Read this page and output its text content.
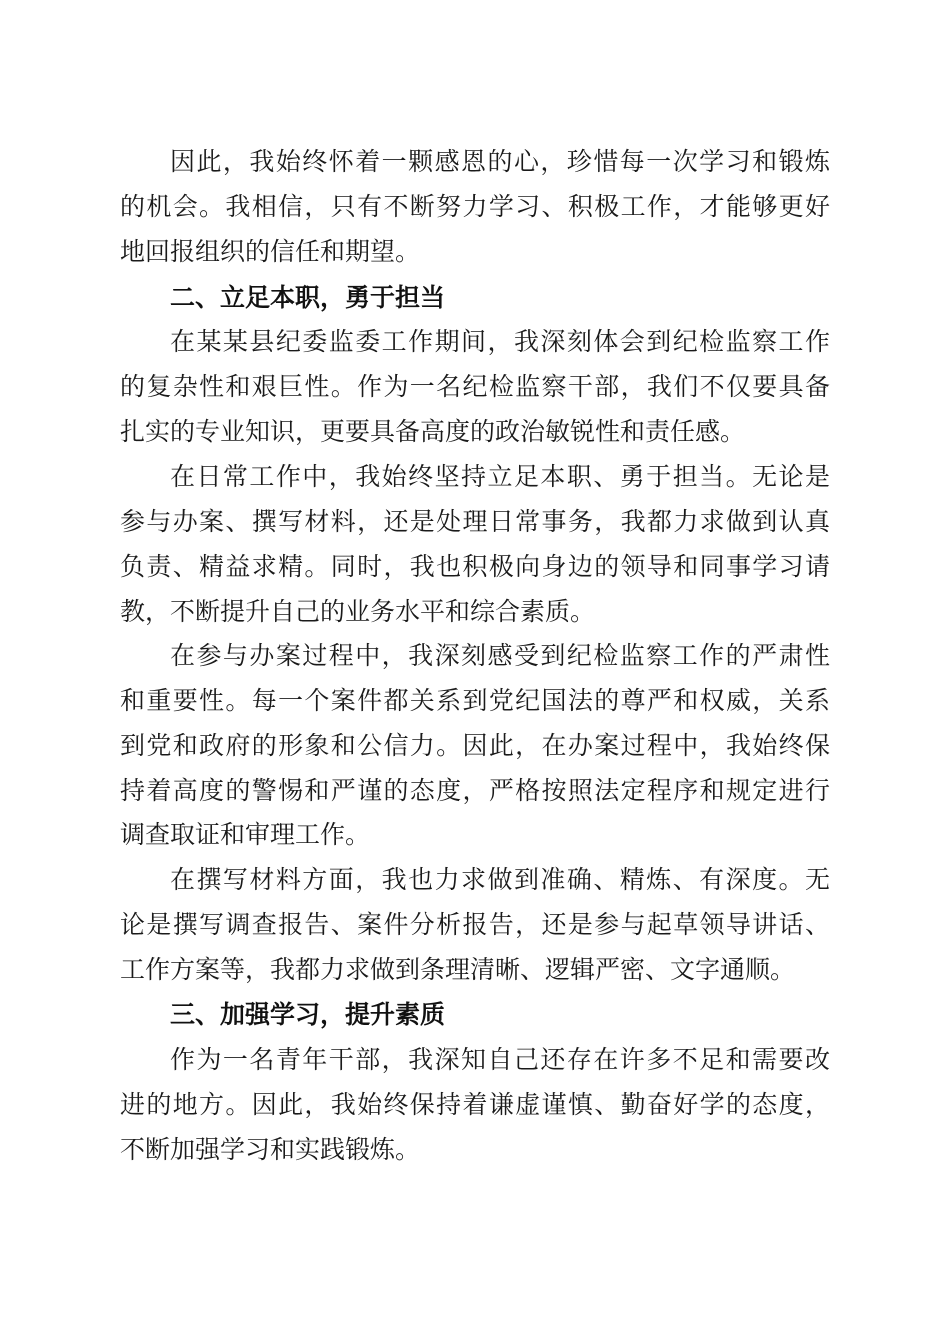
因此，我始终怀着一颗感恩的心，珍惜每一次学习和锻炼
的机会。我相信，只有不断努力学习、积极工作，才能够更好
地回报组织的信任和期望。
二、立足本职，勇于担当
在某某县纪委监委工作期间，我深刻体会到纪检监察工作
的复杂性和艰巨性。作为一名纪检监察干部，我们不仅要具备
扎实的专业知识，更要具备高度的政治敏锐性和责任感。
在日常工作中，我始终坚持立足本职、勇于担当。无论是
参与办案、撰写材料，还是处理日常事务，我都力求做到认真
负责、精益求精。同时，我也积极向身边的领导和同事学习请
教，不断提升自己的业务水平和综合素质。
在参与办案过程中，我深刻感受到纪检监察工作的严肃性
和重要性。每一个案件都关系到党纪国法的尊严和权威，关系
到党和政府的形象和公信力。因此，在办案过程中，我始终保
持着高度的警惕和严谨的态度，严格按照法定程序和规定进行
调查取证和审理工作。
在撰写材料方面，我也力求做到准确、精炼、有深度。无
论是撰写调查报告、案件分析报告，还是参与起草领导讲话、
工作方案等，我都力求做到条理清晰、逻辑严密、文字通顺。
三、加强学习，提升素质
作为一名青年干部，我深知自己还存在许多不足和需要改
进的地方。因此，我始终保持着谦虚谨慎、勤奋好学的态度，
不断加强学习和实践锻炼。
